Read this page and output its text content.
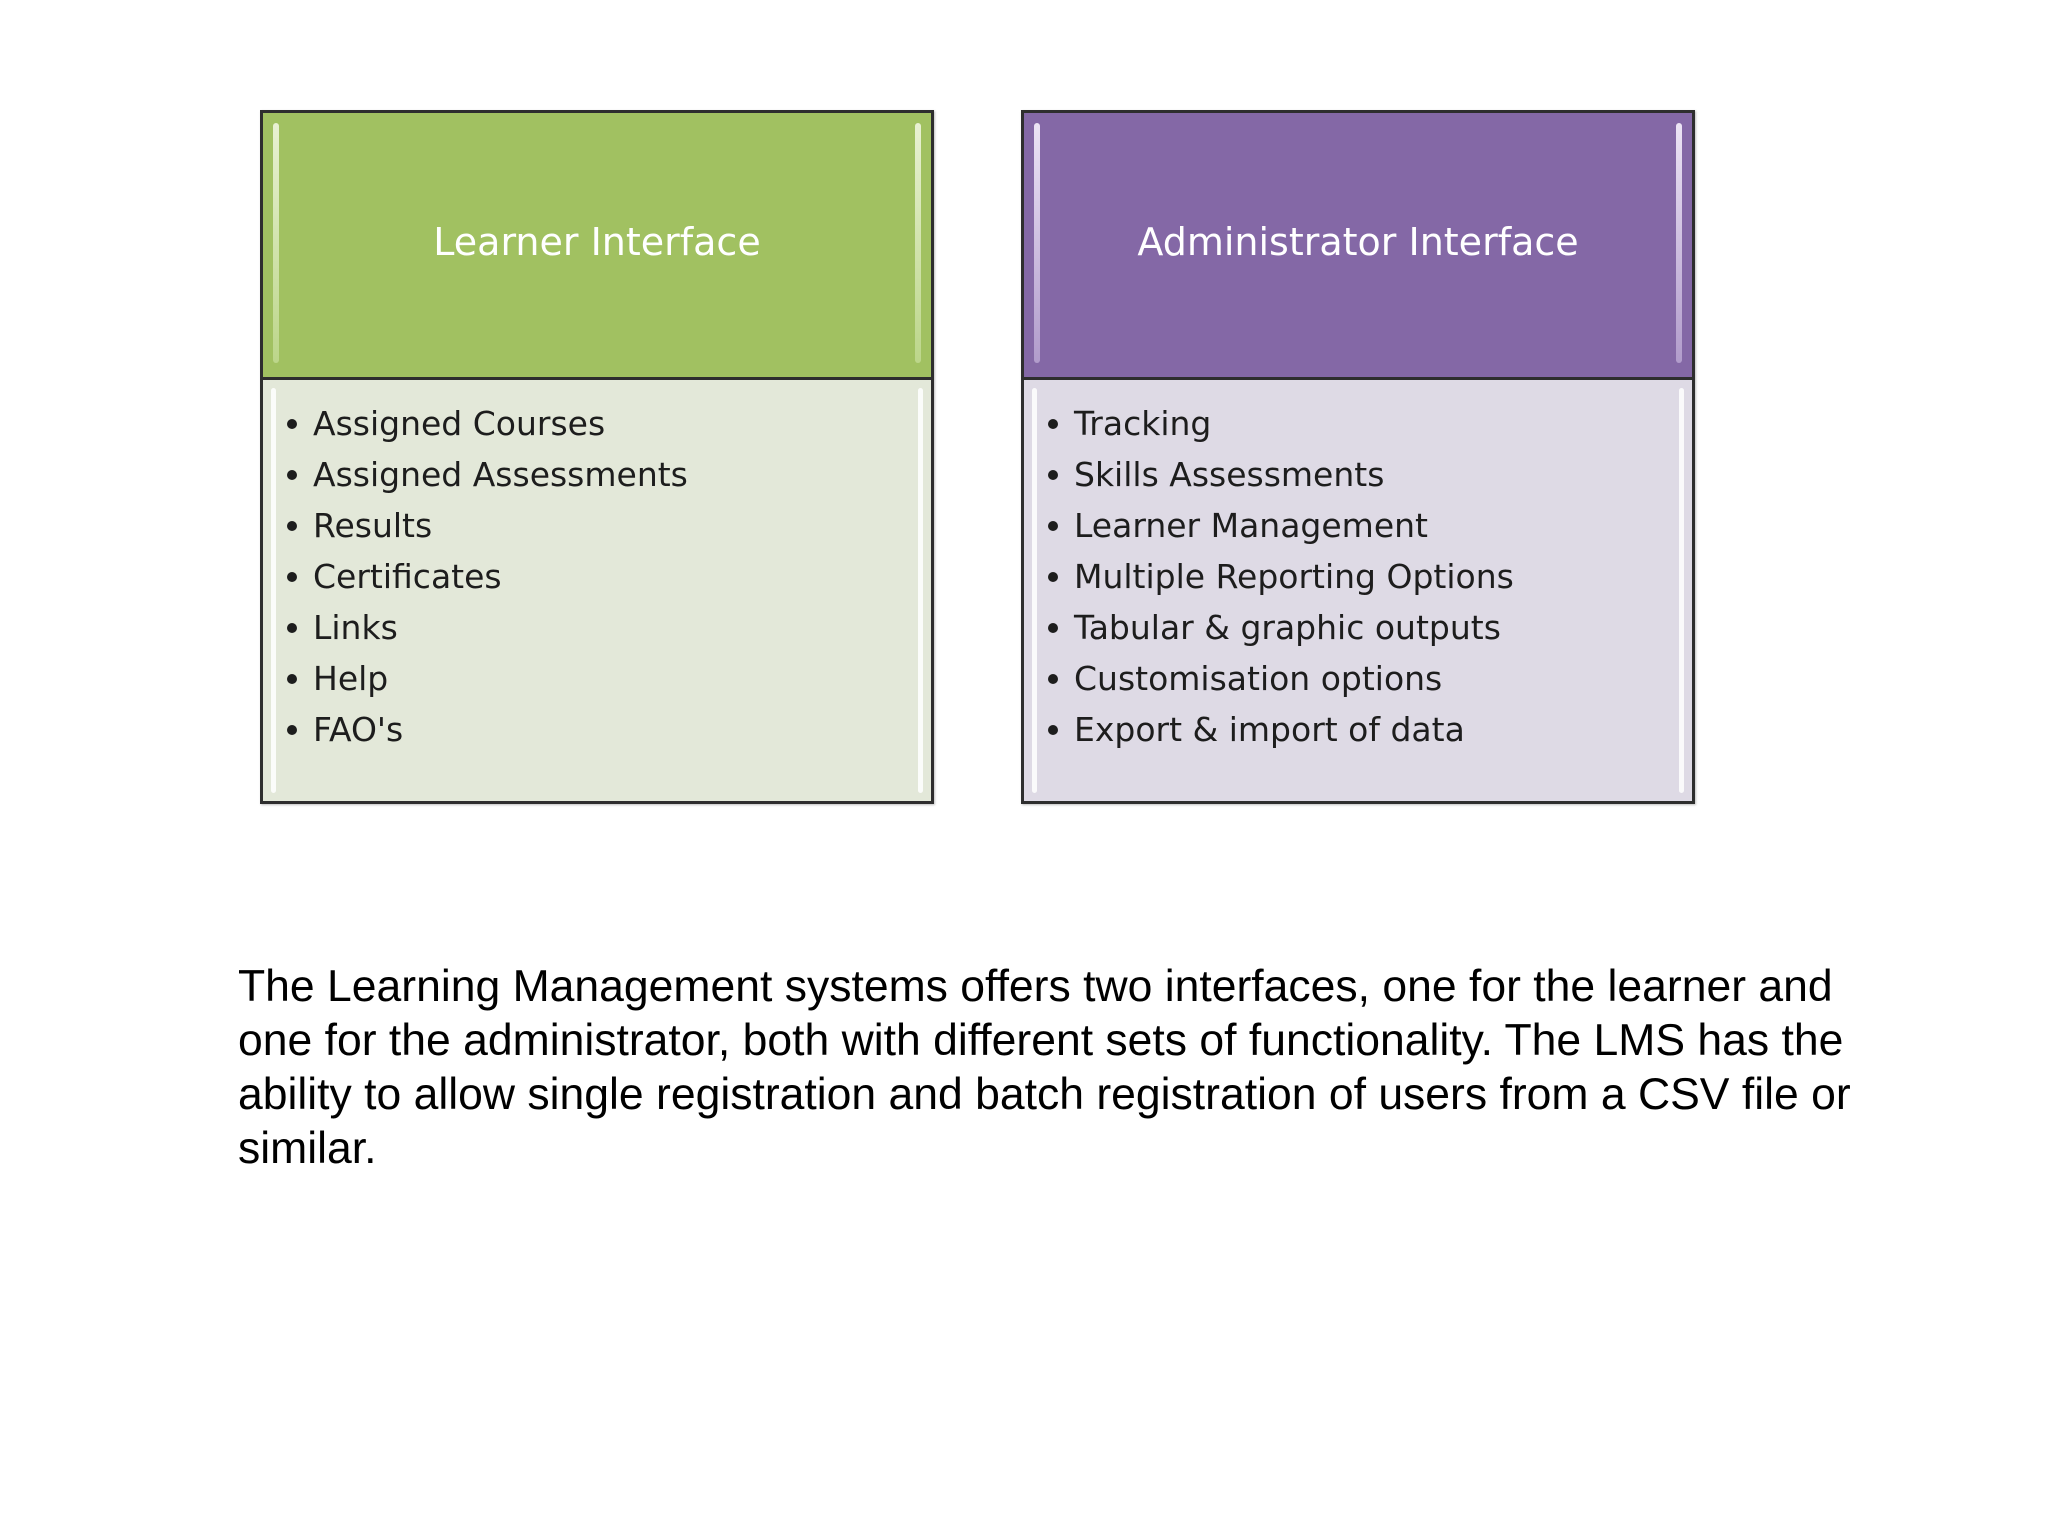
Learner Interface
Assigned Courses
Assigned Assessments
Results
Certificates
Links
Help
FAO's
Administrator Interface
Tracking
Skills Assessments
Learner Management
Multiple Reporting Options
Tabular & graphic outputs
Customisation options
Export & import of data

The Learning Management systems offers two interfaces, one for the learner and one for the administrator, both with different sets of functionality. The LMS has the ability to allow single registration and batch registration of users from a CSV file or similar.
